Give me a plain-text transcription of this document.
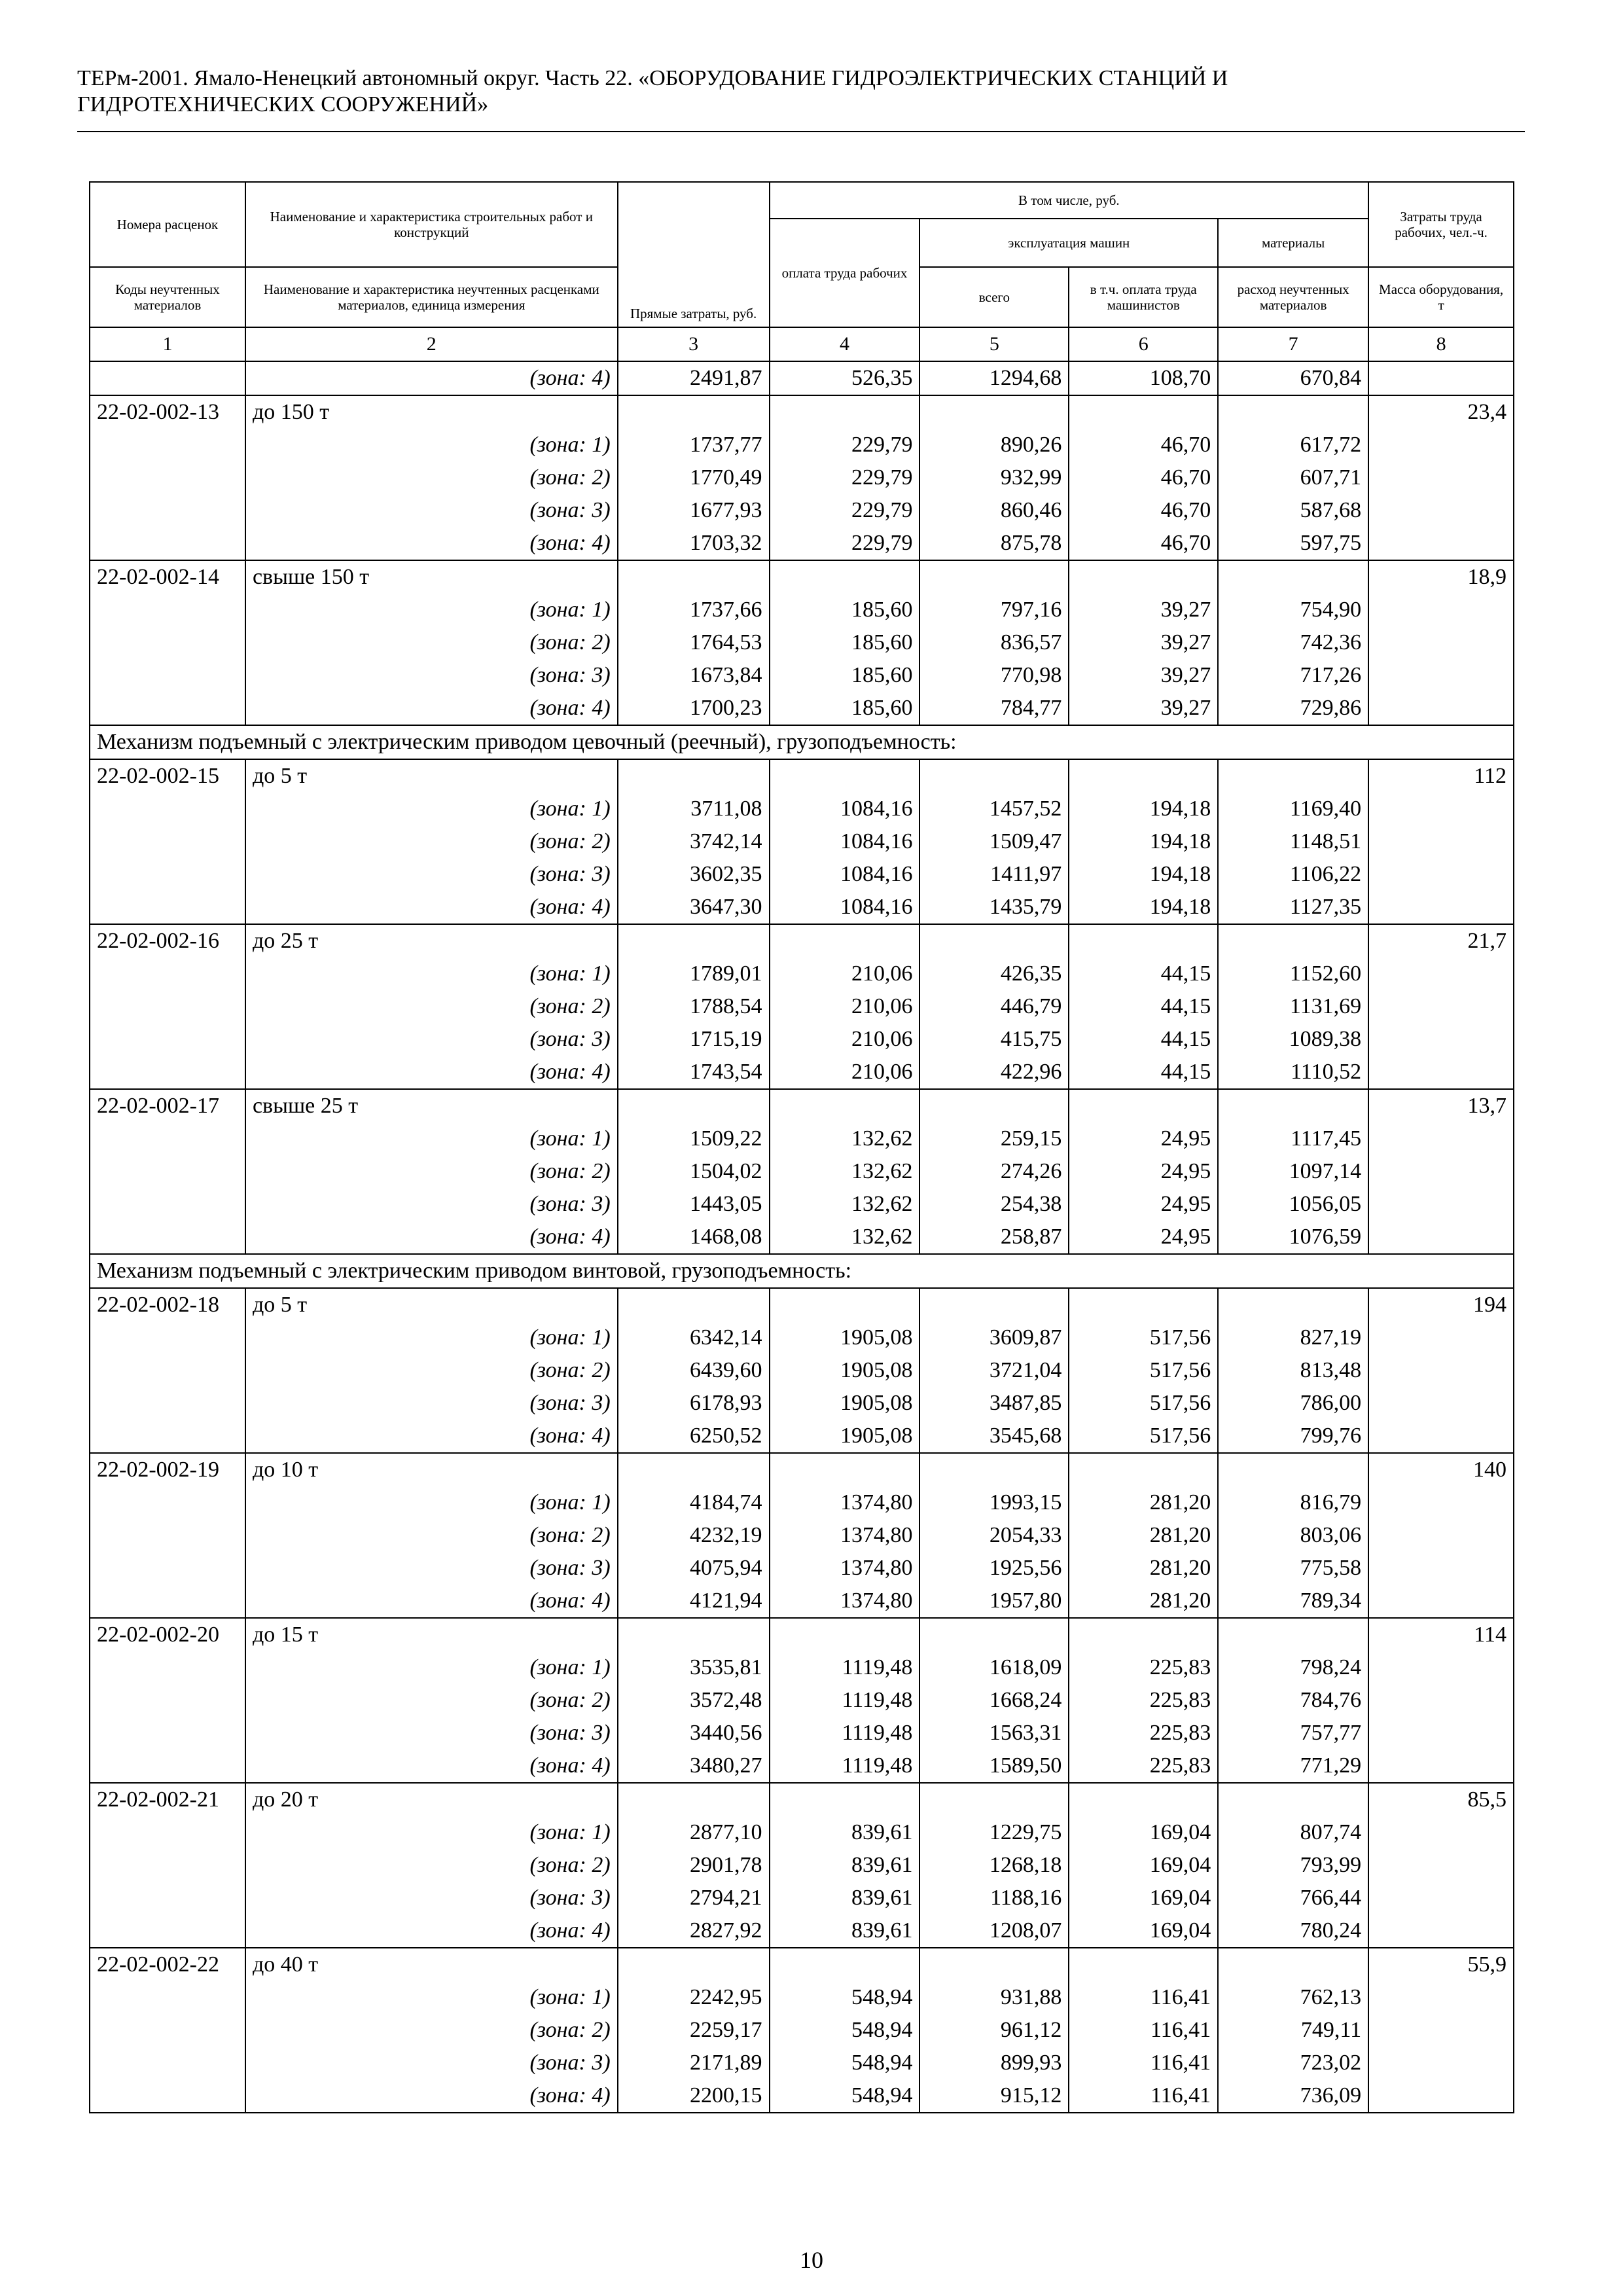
ТЕРм-2001. Ямало-Ненецкий автономный округ. Часть 22. «ОБОРУДОВАНИЕ ГИДРОЭЛЕКТРИЧЕСКИХ СТАНЦИЙ И
ГИДРОТЕХНИЧЕСКИХ СООРУЖЕНИЙ»
Номера расценок	Наименование и характеристика строительных работ и конструкций	Прямые затраты, руб.	В том числе, руб.				Затраты труда рабочих, чел.-ч.
			оплата труда рабочих	эксплуатация машин		материалы	
Коды неучтенных материалов	Наименование и характеристика неучтенных расценками материалов, единица измерения			всего	в т.ч. оплата труда машинистов	расход неучтенных материалов	Масса оборудования, т
1	2	3	4	5	6	7	8
	(зона: 4)	2491,87	526,35	1294,68	108,70	670,84	
22-02-002-13	до 150 т						23,4
	(зона: 1)	1737,77	229,79	890,26	46,70	617,72	
	(зона: 2)	1770,49	229,79	932,99	46,70	607,71	
	(зона: 3)	1677,93	229,79	860,46	46,70	587,68	
	(зона: 4)	1703,32	229,79	875,78	46,70	597,75	
22-02-002-14	свыше 150 т						18,9
	(зона: 1)	1737,66	185,60	797,16	39,27	754,90	
	(зона: 2)	1764,53	185,60	836,57	39,27	742,36	
	(зона: 3)	1673,84	185,60	770,98	39,27	717,26	
	(зона: 4)	1700,23	185,60	784,77	39,27	729,86	
Механизм подъемный с электрическим приводом цевочный (реечный), грузоподъемность:							
22-02-002-15	до 5 т						112
	(зона: 1)	3711,08	1084,16	1457,52	194,18	1169,40	
	(зона: 2)	3742,14	1084,16	1509,47	194,18	1148,51	
	(зона: 3)	3602,35	1084,16	1411,97	194,18	1106,22	
	(зона: 4)	3647,30	1084,16	1435,79	194,18	1127,35	
22-02-002-16	до 25 т						21,7
	(зона: 1)	1789,01	210,06	426,35	44,15	1152,60	
	(зона: 2)	1788,54	210,06	446,79	44,15	1131,69	
	(зона: 3)	1715,19	210,06	415,75	44,15	1089,38	
	(зона: 4)	1743,54	210,06	422,96	44,15	1110,52	
22-02-002-17	свыше 25 т						13,7
	(зона: 1)	1509,22	132,62	259,15	24,95	1117,45	
	(зона: 2)	1504,02	132,62	274,26	24,95	1097,14	
	(зона: 3)	1443,05	132,62	254,38	24,95	1056,05	
	(зона: 4)	1468,08	132,62	258,87	24,95	1076,59	
Механизм подъемный с электрическим приводом винтовой, грузоподъемность:							
22-02-002-18	до 5 т						194
	(зона: 1)	6342,14	1905,08	3609,87	517,56	827,19	
	(зона: 2)	6439,60	1905,08	3721,04	517,56	813,48	
	(зона: 3)	6178,93	1905,08	3487,85	517,56	786,00	
	(зона: 4)	6250,52	1905,08	3545,68	517,56	799,76	
22-02-002-19	до 10 т						140
	(зона: 1)	4184,74	1374,80	1993,15	281,20	816,79	
	(зона: 2)	4232,19	1374,80	2054,33	281,20	803,06	
	(зона: 3)	4075,94	1374,80	1925,56	281,20	775,58	
	(зона: 4)	4121,94	1374,80	1957,80	281,20	789,34	
22-02-002-20	до 15 т						114
	(зона: 1)	3535,81	1119,48	1618,09	225,83	798,24	
	(зона: 2)	3572,48	1119,48	1668,24	225,83	784,76	
	(зона: 3)	3440,56	1119,48	1563,31	225,83	757,77	
	(зона: 4)	3480,27	1119,48	1589,50	225,83	771,29	
22-02-002-21	до 20 т						85,5
	(зона: 1)	2877,10	839,61	1229,75	169,04	807,74	
	(зона: 2)	2901,78	839,61	1268,18	169,04	793,99	
	(зона: 3)	2794,21	839,61	1188,16	169,04	766,44	
	(зона: 4)	2827,92	839,61	1208,07	169,04	780,24	
22-02-002-22	до 40 т						55,9
	(зона: 1)	2242,95	548,94	931,88	116,41	762,13	
	(зона: 2)	2259,17	548,94	961,12	116,41	749,11	
	(зона: 3)	2171,89	548,94	899,93	116,41	723,02	
	(зона: 4)	2200,15	548,94	915,12	116,41	736,09	
10
